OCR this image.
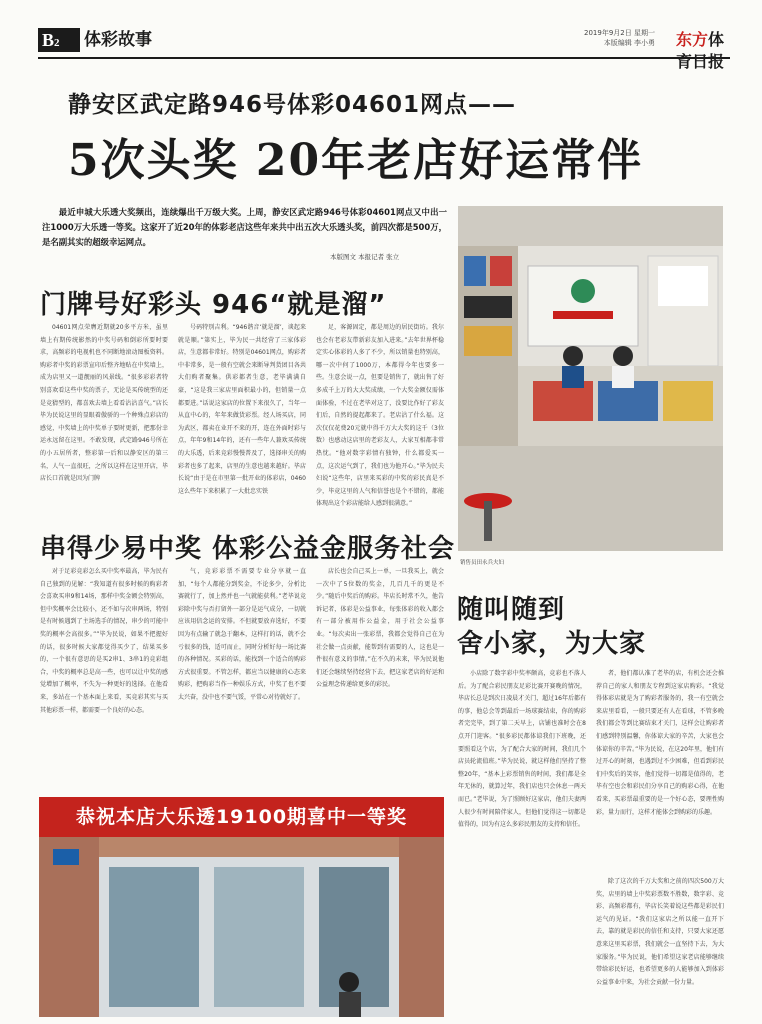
B2	体彩故事	2019年9月2日 星期一
本版编辑 李小勇 东方体育日报
静安区武定路946号体彩04601网点——
5次头奖 20年老店好运常伴
最近申城大乐透大奖频出，连续爆出千万级大奖。上周，静安区武定路946号体彩04601网点又中出一注1000万大乐透一等奖。这家开了近20年的体彩老店这些年来共中出五次大乐透头奖，前四次都是500万，是名副其实的超级幸运网点。
本版图文 本报记者 张立
销售员田永兵夫妇
门牌号好彩头 946“就是溜”
04601网点荣膺近期就20多平方米，虽里墙上有期传统影然的中奖号码和倒彩所要时要求，高频彩的电视机也不同断地滚动图板资料。购彩者中奖的彩票宣印后整齐地贴在中奖墙上，成为店里又一道靓丽的风景线。“很多彩彩者特别喜欢看这些中奖的票子，无论是买传统型的还是竞猜型的，都喜欢去墙上看看沾沾喜气。”店长毕为民说这里的显眼着傲骄的一个种殊点彩店的感觉，中奖墙上的中奖单子要时更新，把那份幸运永远留在这里。不敢发现，武定路946号所在的小五居所者，整彩第一后和以静安区的第三名，人气一直很旺，之所以这样在这里开店，毕店长口首就是因为门牌
号码特别吉利。“946谐音‘就是溜’，谈起来就是顺。”第实上，毕为民一共经营了三家体彩店，生意都非常好。特别是04601网点，购彩者中非常多，是一般有空就会来断导判货团目各共大们购者聚集。供彩都者生意，老毕满满自豪，“这是我三家店里面积最小的，但销量一点都要进。”话说这家店的位置下来很久了，当年一从直中心的，年年来做货彩票。经人场买店，同为武区，都卖在业开不来的开，连在外面时彩与点，年年9和14年的，还有一些年人兼欢买传统的大乐透，后来竞彩慢慢普及了，选择串关的购彩者也多了起来，店里的生意也越来越好。毕店长说“由于是在市里第一批开业的体彩店，0460这么些年下来积累了一大批忠实铁
足，客源固定，都是周边的居民街坊。我尔也会有老彩友带新彩友加入进来。”去年世界杯稳定实心体彩的人多了不少，所以销量也特别高，哪一次中何了1000万，本都得今年也要多一些。生意会说一点，但要是销售了，就出售了好多成千上万的大大奖成绩，一个大奖金额仅需体面体验，不过在老毕对这了，没要比作好了彩友们后，自然的提起都来了。老店沾了什么福。这次仅仅花费20元就中得千万大大奖的这千（3位数）也感动这店里的老彩友人，大家互相都非常热忱。“他对数字彩情有独钟，什么都爱买一点，这次运气到了，我们也为他开心。”毕为民夫妇说“这些年，店里来买彩的中奖的彩民真是不少，毕竟这里的人气和信誉也是个不错的，都能体现出这个彩店能给人感到很满意。”
串得少易中奖 体彩公益金服务社会
对于足彩竞彩怎么买中奖率最高，毕为民有自己独到的见解：“我知道有很多时候的购彩者会喜欢买串9和14场，那样中奖金额会特别高，但中奖概率会比较小，还不如与次串两场，特别是有时候遇到了主场选手的情况，串少的可能中奖的概率会高很多。””毕为民说，如果不把握好的话，很多时候大家都觉得买少了，结果买多的，一个很有意思的是买2串1、3串1的竞彩组合，中奖的概率总是高一些，也可以让中奖的感觉增加了概率，不失为一种更好的选择。在他看来，多站在一个基本面上来看，买竞彩其实与买其他彩票一样，都需要一个良好的心态。
气，竞彩彩票不需要专业分享就一直加，“每个人都能分到奖金，不论多少，分析比赛就行了，加上然并也一气就能获利。”老毕说竞彩除中奖与否打留外一部分是运气成分，一切就应该用信念运的安排。不但就要放弃选好，不要因为有点输了就急于翻本，这样打的话，就不会亏很多的钱，适可而止，同时分析好每一场比赛的各种情况。买彩的话，能找到一个适合的购彩方式很重要。不管怎样，都应当以健康的心态来购彩，把购彩当作一种娱乐方式，中奖了也不要太兴奋，没中也不要气馁，平常心对待就好了。
店长也会自己买上一单，一旦我买上，就会一次中了5位数的奖金，几百几千的更是不少。”随后中奖后的购彩。毕店长时常不久，他告诉记者，体彩是公益事业，每张体彩的收入都会有一部分被用作公益金，用于社会公益事业。“每次卖出一张彩票，我都会觉得自己在为社会做一点贡献，能帮到有需要的人，这也是一件很有意义的事情。”在不久的未来，毕为民说他们还会继续坚持经营下去，把这家老店的好运和公益理念传递给更多的彩民。
随叫随到
舍小家，为大家
小店除了数字彩中奖率颇高，竞彩也不落人后。为了配合彩民朋友足彩比赛开赛晚的情况，毕店长总是到次日凌晨才关门，超过16年后都有的事，他总会等到最后一场球赛结束，你的购彩者完完毕，到了第二天早上，店铺也准时会在8点开门迎客。“很多彩民都体谅我们下班晚，还要照看这个店，为了配合大家的时间，我们几个店员轮流值班。”毕为民说，就这样他们坚持了整整20年，“基本上彩票销售的时间，我们都是全年无休的，就算过年，我们店也只会休息一两天而已。”老毕说，为了照顾好这家店，他们夫妻两人很少有时间陪伴家人，但他们觉得这一切都是值得的，因为有这么多彩民朋友的支持和信任。
者，他们都认准了老毕的店，有机会还会推荐自己的家人和朋友专程到这家店购彩。“我觉得体彩店就是为了购彩者服务的，我一有空就会来店里看看，一般只要还有人在看球，不管多晚我们都会等到比赛结束才关门，这样会让购彩者们感到特别温馨，你体谅大家的辛苦，大家也会体谅你的辛苦。”毕为民说，在这20年里，他们有过开心的时刻，也遇到过不少困难，但看到彩民们中奖后的笑容，他们觉得一切都是值得的，老毕有空也会和彩民们分享自己的购彩心得，在他看来，买彩票最重要的是一个好心态，要理性购彩，量力而行，这样才能体会到购彩的乐趣。
除了这次的千万大奖和之前的四次500万大奖，店里的墙上中奖彩票数不胜数，数字彩、竞彩、高频彩都有，毕店长笑着说这些都是彩民们运气的见证。“我们这家店之所以能一直开下去，靠的就是彩民的信任和支持，只要大家还愿意来这里买彩票，我们就会一直坚持下去，为大家服务。”毕为民说，他们希望这家老店能够继续带给彩民好运，也希望更多的人能够加入到体彩公益事业中来，为社会贡献一份力量。
恭祝本店大乐透19100期喜中一等奖
